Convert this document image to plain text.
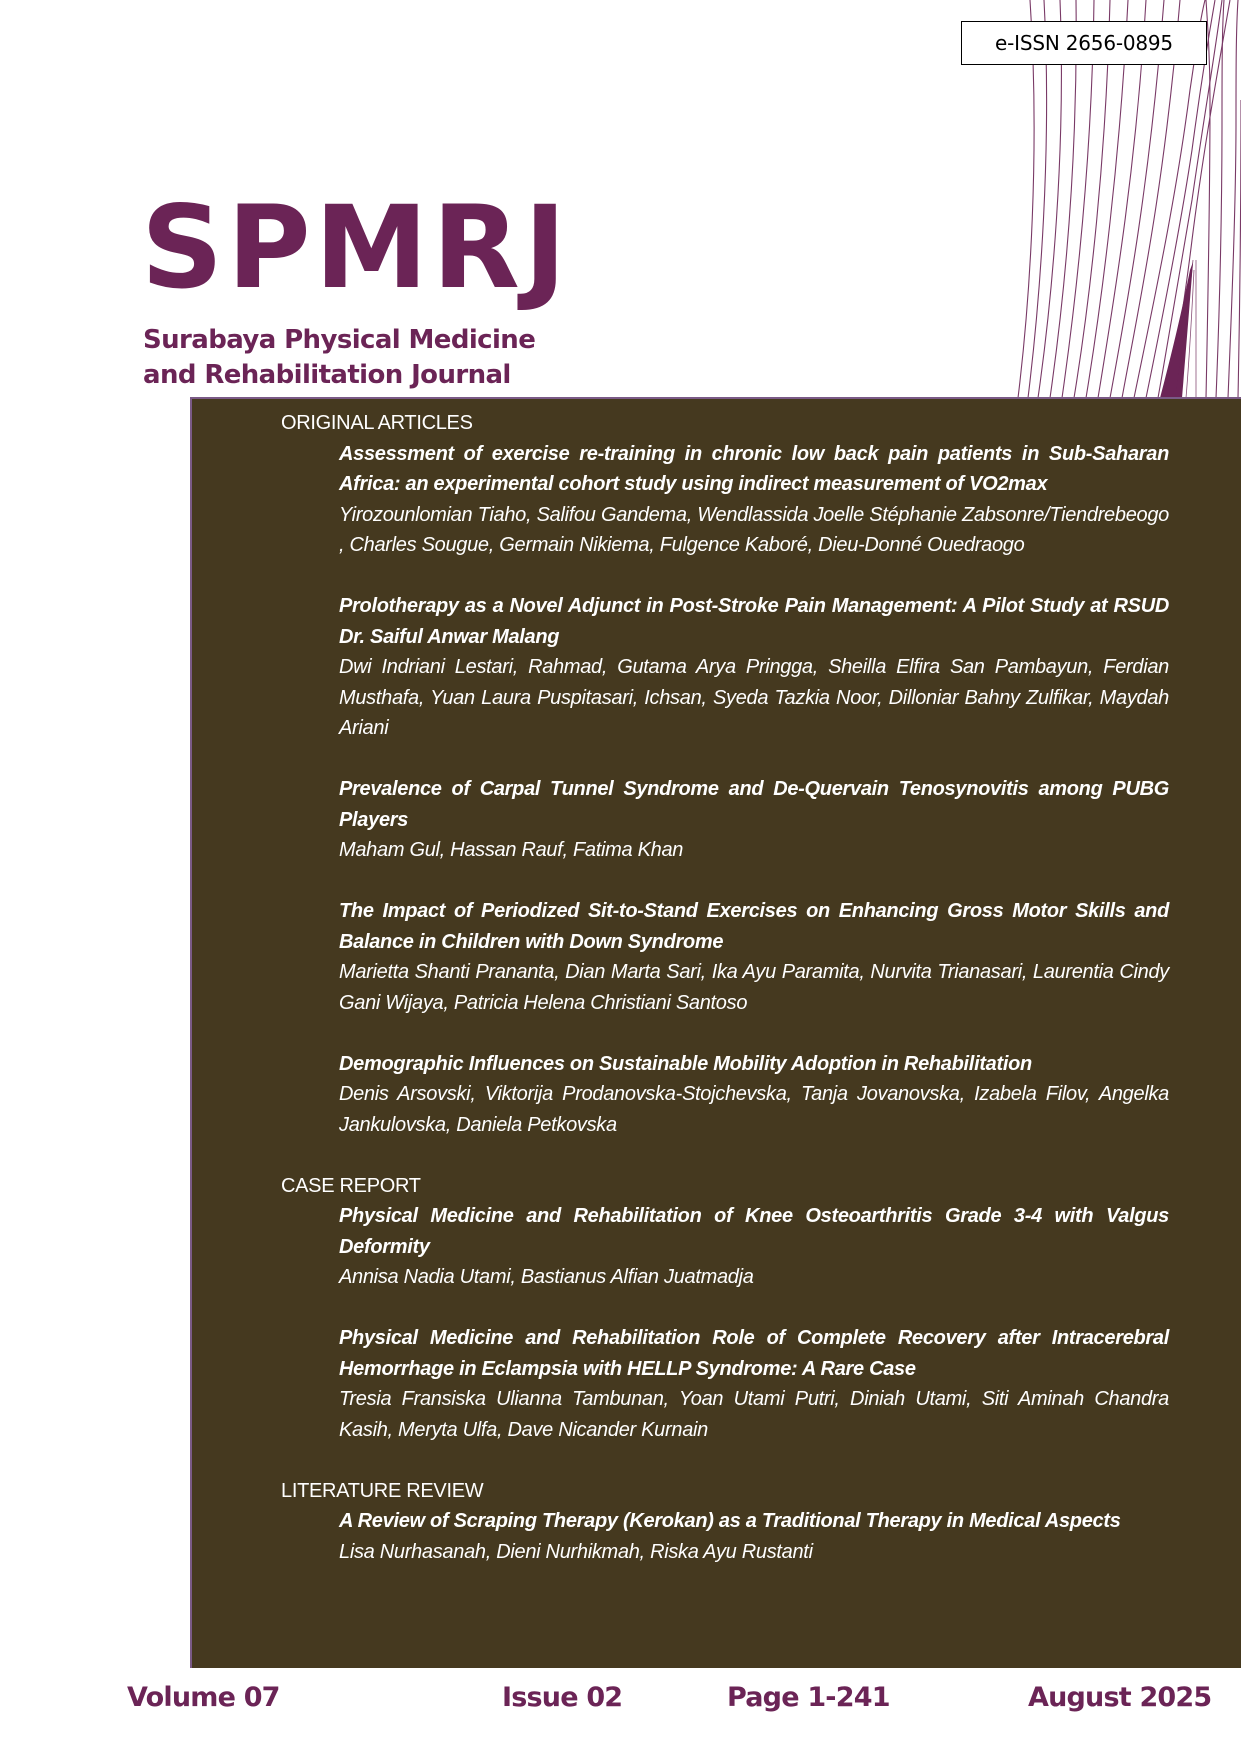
e-ISSN 2656-0895
SPMRJ
Surabaya Physical Medicine
and Rehabilitation Journal
ORIGINAL ARTICLES
Assessment of exercise re-training in chronic low back pain patients in Sub-Saharan Africa: an experimental cohort study using indirect measurement of VO2max
Yirozounlomian Tiaho, Salifou Gandema, Wendlassida Joelle Stéphanie Zabsonre/Tiendrebeogo , Charles Sougue, Germain Nikiema, Fulgence Kaboré, Dieu-Donné Ouedraogo
Prolotherapy as a Novel Adjunct in Post-Stroke Pain Management: A Pilot Study at RSUD Dr. Saiful Anwar Malang
Dwi Indriani Lestari, Rahmad, Gutama Arya Pringga, Sheilla Elfira San Pambayun, Ferdian Musthafa, Yuan Laura Puspitasari, Ichsan, Syeda Tazkia Noor, Dilloniar Bahny Zulfikar, Maydah Ariani
Prevalence of Carpal Tunnel Syndrome and De-Quervain Tenosynovitis among PUBG Players
Maham Gul, Hassan Rauf, Fatima Khan
The Impact of Periodized Sit-to-Stand Exercises on Enhancing Gross Motor Skills and Balance in Children with Down Syndrome
Marietta Shanti Prananta, Dian Marta Sari, Ika Ayu Paramita, Nurvita Trianasari, Laurentia Cindy Gani Wijaya, Patricia Helena Christiani Santoso
Demographic Influences on Sustainable Mobility Adoption in Rehabilitation
Denis Arsovski, Viktorija Prodanovska-Stojchevska, Tanja Jovanovska, Izabela Filov, Angelka Jankulovska, Daniela Petkovska
CASE REPORT
Physical Medicine and Rehabilitation of Knee Osteoarthritis Grade 3-4 with Valgus Deformity
Annisa Nadia Utami, Bastianus Alfian Juatmadja
Physical Medicine and Rehabilitation Role of Complete Recovery after Intracerebral Hemorrhage in Eclampsia with HELLP Syndrome: A Rare Case
Tresia Fransiska Ulianna Tambunan, Yoan Utami Putri, Diniah Utami, Siti Aminah Chandra Kasih, Meryta Ulfa, Dave Nicander Kurnain
LITERATURE REVIEW
A Review of Scraping Therapy (Kerokan) as a Traditional Therapy in Medical Aspects
Lisa Nurhasanah, Dieni Nurhikmah, Riska Ayu Rustanti
Volume 07	Issue 02	Page 1-241	August 2025
